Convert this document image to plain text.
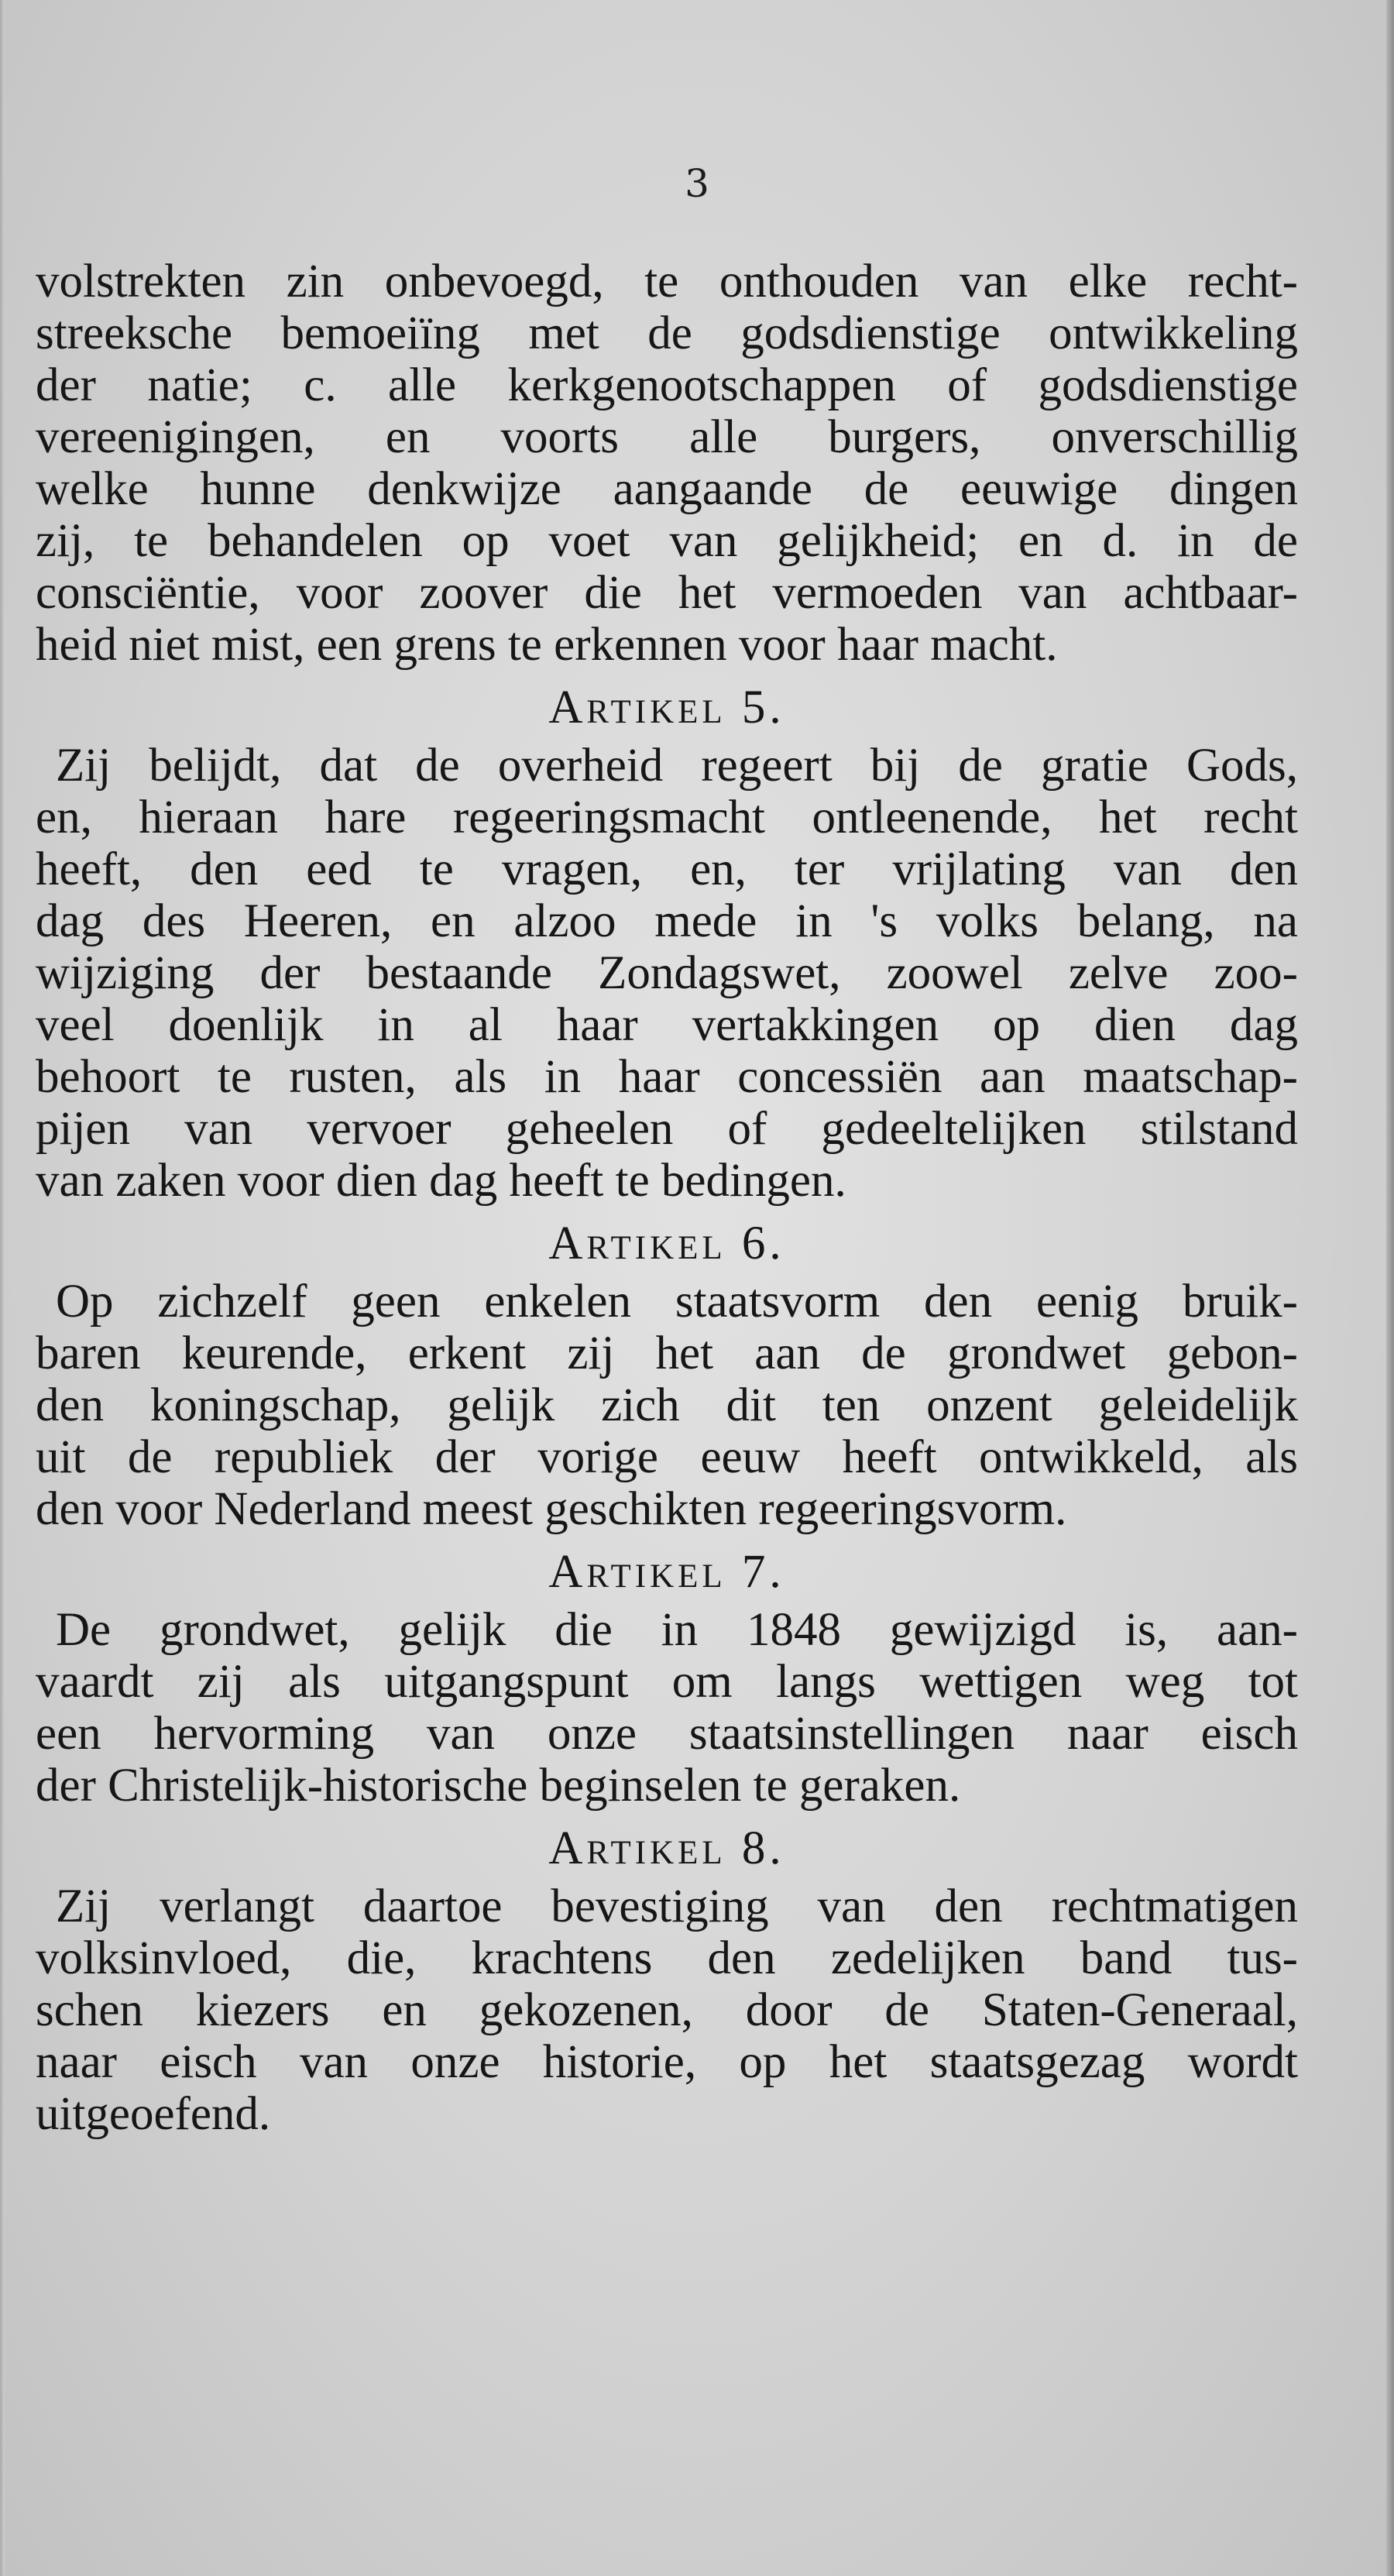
3
volstrekten zin onbevoegd, te onthouden van elke recht-
streeksche bemoeiïng met de godsdienstige ontwikkeling
der natie; c. alle kerkgenootschappen of godsdienstige
vereenigingen, en voorts alle burgers, onverschillig
welke hunne denkwijze aangaande de eeuwige dingen
zij, te behandelen op voet van gelijkheid; en d. in de
consciëntie, voor zoover die het vermoeden van achtbaar-
heid niet mist, een grens te erkennen voor haar macht.
Artikel 5.
Zij belijdt, dat de overheid regeert bij de gratie Gods,
en, hieraan hare regeeringsmacht ontleenende, het recht
heeft, den eed te vragen, en, ter vrijlating van den
dag des Heeren, en alzoo mede in 's volks belang, na
wijziging der bestaande Zondagswet, zoowel zelve zoo-
veel doenlijk in al haar vertakkingen op dien dag
behoort te rusten, als in haar concessiën aan maatschap-
pijen van vervoer geheelen of gedeeltelijken stilstand
van zaken voor dien dag heeft te bedingen.
Artikel 6.
Op zichzelf geen enkelen staatsvorm den eenig bruik-
baren keurende, erkent zij het aan de grondwet gebon-
den koningschap, gelijk zich dit ten onzent geleidelijk
uit de republiek der vorige eeuw heeft ontwikkeld, als
den voor Nederland meest geschikten regeeringsvorm.
Artikel 7.
De grondwet, gelijk die in 1848 gewijzigd is, aan-
vaardt zij als uitgangspunt om langs wettigen weg tot
een hervorming van onze staatsinstellingen naar eisch
der Christelijk-historische beginselen te geraken.
Artikel 8.
Zij verlangt daartoe bevestiging van den rechtmatigen
volksinvloed, die, krachtens den zedelijken band tus-
schen kiezers en gekozenen, door de Staten-Generaal,
naar eisch van onze historie, op het staatsgezag wordt
uitgeoefend.
